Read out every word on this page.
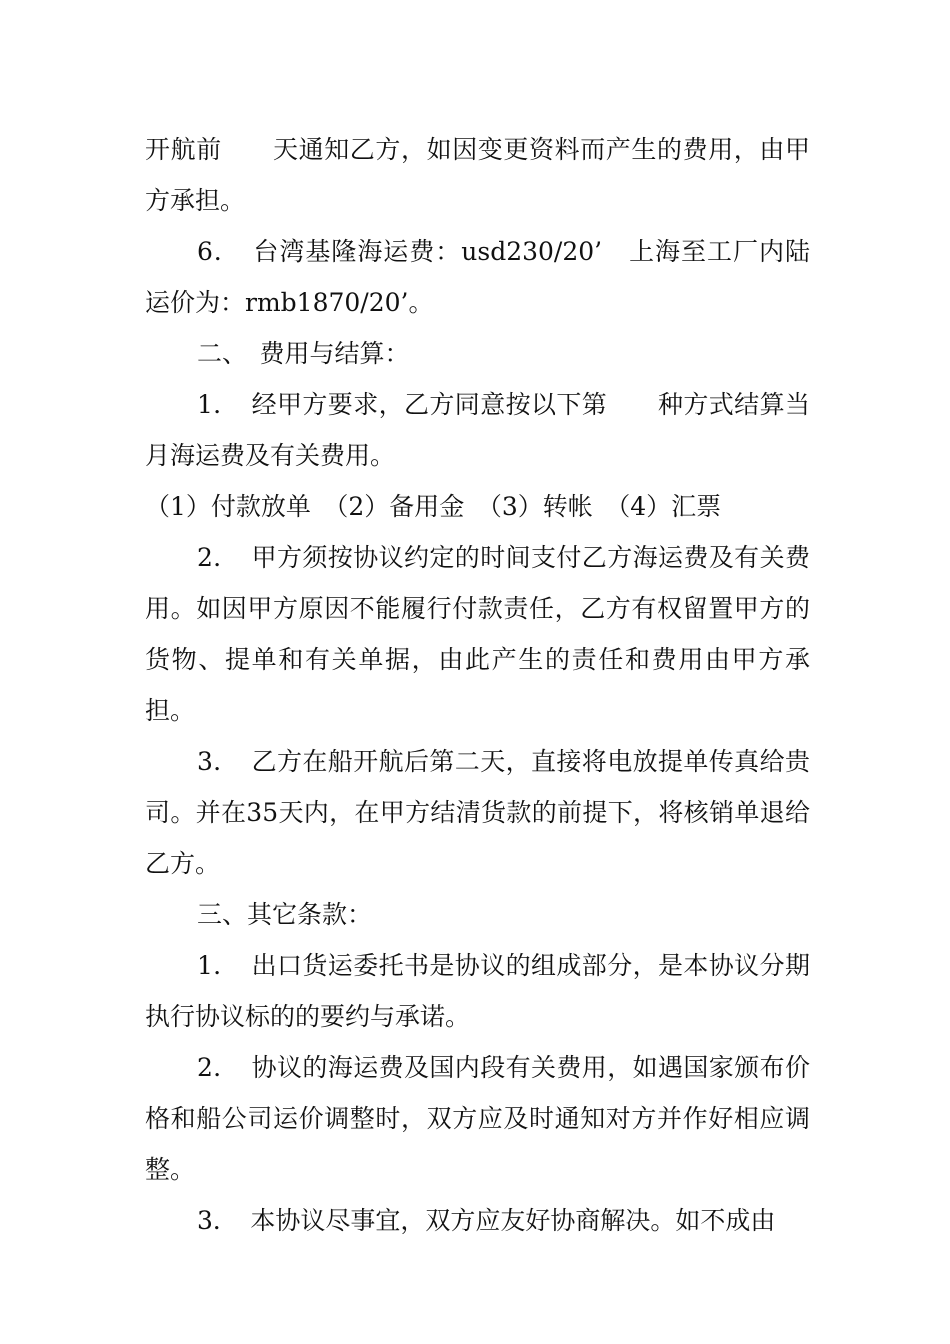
开航前　　天通知乙方，如因变更资料而产生的费用，由甲方承担。

6．　台湾基隆海运费：usd230/20’　上海至工厂内陆运价为：rmb1870/20’。

二、　费用与结算：

1．　经甲方要求，乙方同意按以下第　　种方式结算当月海运费及有关费用。

（1）付款放单　（2）备用金　（3）转帐　（4）汇票

2．　甲方须按协议约定的时间支付乙方海运费及有关费用。如因甲方原因不能履行付款责任，乙方有权留置甲方的货物、提单和有关单据，由此产生的责任和费用由甲方承担。

3．　乙方在船开航后第二天，直接将电放提单传真给贵司。并在35天内，在甲方结清货款的前提下，将核销单退给乙方。

三、其它条款：

1．　出口货运委托书是协议的组成部分，是本协议分期执行协议标的的要约与承诺。

2．　协议的海运费及国内段有关费用，如遇国家颁布价格和船公司运价调整时，双方应及时通知对方并作好相应调整。

3．　本协议尽事宜，双方应友好协商解决。如不成由
